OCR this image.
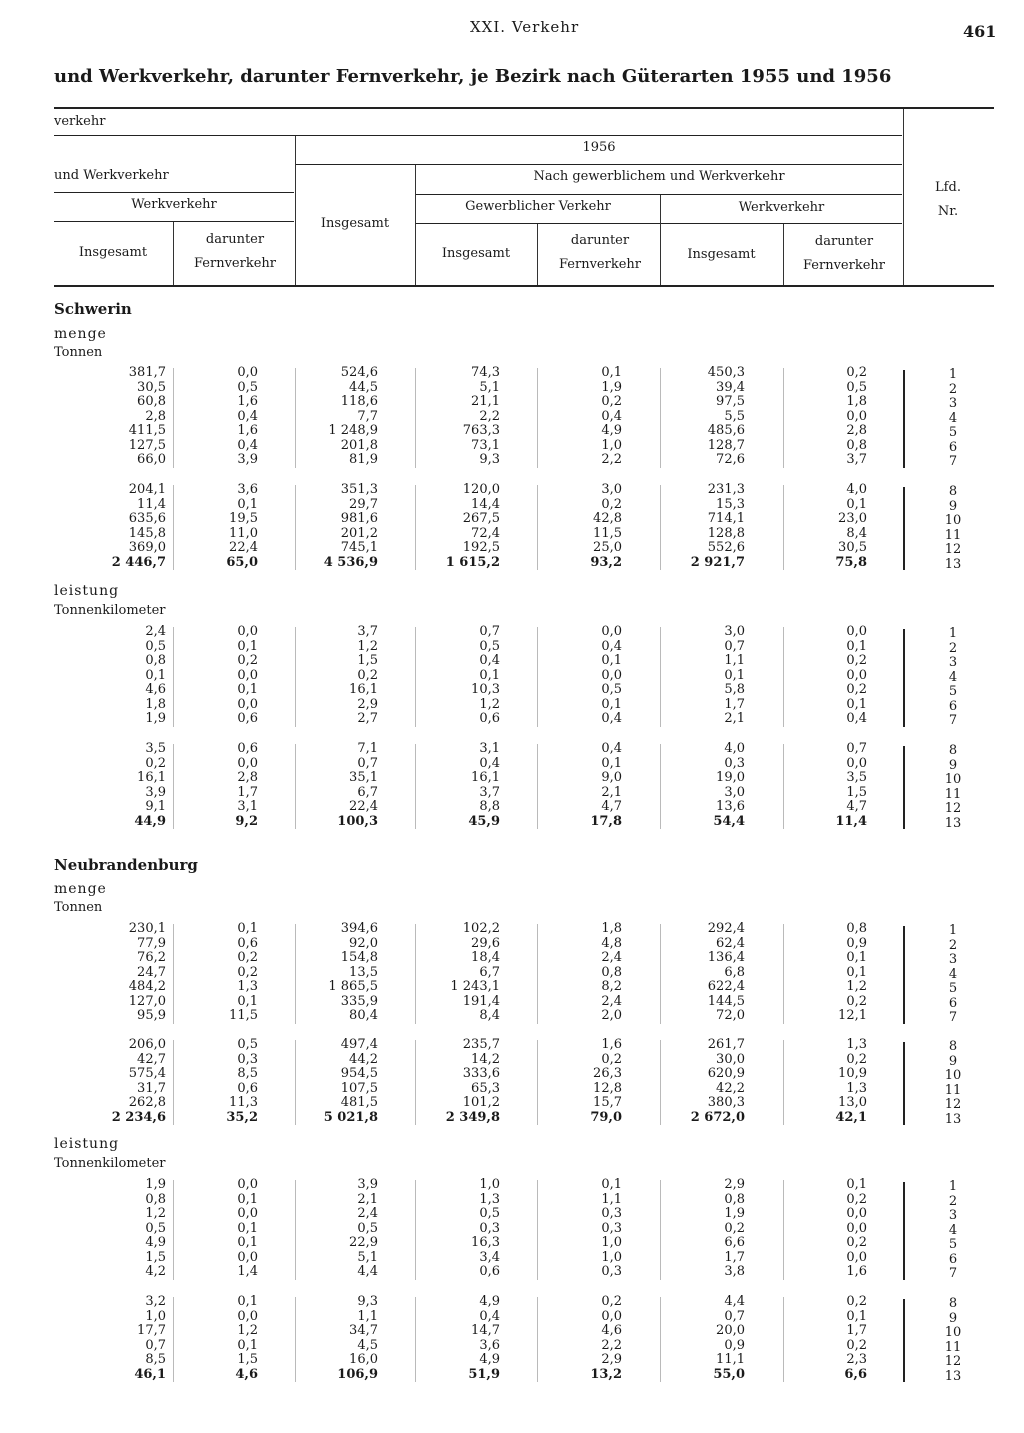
XXI. Verkehr	461
und Werkverkehr, darunter Fernverkehr, je Bezirk nach Güterarten 1955 und 1956
verkehr
1956
und Werkverkehr
Werkverkehr
Insgesamt
darunter Fernverkehr
Insgesamt
Nach gewerblichem und Werkverkehr
Gewerblicher Verkehr	Werkverkehr
Insgesamt
darunter Fernverkehr
Insgesamt
darunter Fernverkehr
Lfd. Nr.
Schwerin
menge
Tonnen
leistung
Tonnenkilometer
Neubrandenburg
menge
Tonnen
leistung
Tonnenkilometer
381,7	0,0	524,6	74,3	0,1	450,3	0,2	1
30,5	0,5	44,5	5,1	1,9	39,4	0,5	2
60,8	1,6	118,6	21,1	0,2	97,5	1,8	3
2,8	0,4	7,7	2,2	0,4	5,5	0,0	4
411,5	1,6	1 248,9	763,3	4,9	485,6	2,8	5
127,5	0,4	201,8	73,1	1,0	128,7	0,8	6
66,0	3,9	81,9	9,3	2,2	72,6	3,7	7
204,1	3,6	351,3	120,0	3,0	231,3	4,0	8
11,4	0,1	29,7	14,4	0,2	15,3	0,1	9
635,6	19,5	981,6	267,5	42,8	714,1	23,0	10
145,8	11,0	201,2	72,4	11,5	128,8	8,4	11
369,0	22,4	745,1	192,5	25,0	552,6	30,5	12
2 446,7	65,0	4 536,9	1 615,2	93,2	2 921,7	75,8	13
2,4	0,0	3,7	0,7	0,0	3,0	0,0	1
0,5	0,1	1,2	0,5	0,4	0,7	0,1	2
0,8	0,2	1,5	0,4	0,1	1,1	0,2	3
0,1	0,0	0,2	0,1	0,0	0,1	0,0	4
4,6	0,1	16,1	10,3	0,5	5,8	0,2	5
1,8	0,0	2,9	1,2	0,1	1,7	0,1	6
1,9	0,6	2,7	0,6	0,4	2,1	0,4	7
3,5	0,6	7,1	3,1	0,4	4,0	0,7	8
0,2	0,0	0,7	0,4	0,1	0,3	0,0	9
16,1	2,8	35,1	16,1	9,0	19,0	3,5	10
3,9	1,7	6,7	3,7	2,1	3,0	1,5	11
9,1	3,1	22,4	8,8	4,7	13,6	4,7	12
44,9	9,2	100,3	45,9	17,8	54,4	11,4	13
230,1	0,1	394,6	102,2	1,8	292,4	0,8	1
77,9	0,6	92,0	29,6	4,8	62,4	0,9	2
76,2	0,2	154,8	18,4	2,4	136,4	0,1	3
24,7	0,2	13,5	6,7	0,8	6,8	0,1	4
484,2	1,3	1 865,5	1 243,1	8,2	622,4	1,2	5
127,0	0,1	335,9	191,4	2,4	144,5	0,2	6
95,9	11,5	80,4	8,4	2,0	72,0	12,1	7
206,0	0,5	497,4	235,7	1,6	261,7	1,3	8
42,7	0,3	44,2	14,2	0,2	30,0	0,2	9
575,4	8,5	954,5	333,6	26,3	620,9	10,9	10
31,7	0,6	107,5	65,3	12,8	42,2	1,3	11
262,8	11,3	481,5	101,2	15,7	380,3	13,0	12
2 234,6	35,2	5 021,8	2 349,8	79,0	2 672,0	42,1	13
1,9	0,0	3,9	1,0	0,1	2,9	0,1	1
0,8	0,1	2,1	1,3	1,1	0,8	0,2	2
1,2	0,0	2,4	0,5	0,3	1,9	0,0	3
0,5	0,1	0,5	0,3	0,3	0,2	0,0	4
4,9	0,1	22,9	16,3	1,0	6,6	0,2	5
1,5	0,0	5,1	3,4	1,0	1,7	0,0	6
4,2	1,4	4,4	0,6	0,3	3,8	1,6	7
3,2	0,1	9,3	4,9	0,2	4,4	0,2	8
1,0	0,0	1,1	0,4	0,0	0,7	0,1	9
17,7	1,2	34,7	14,7	4,6	20,0	1,7	10
0,7	0,1	4,5	3,6	2,2	0,9	0,2	11
8,5	1,5	16,0	4,9	2,9	11,1	2,3	12
46,1	4,6	106,9	51,9	13,2	55,0	6,6	13
